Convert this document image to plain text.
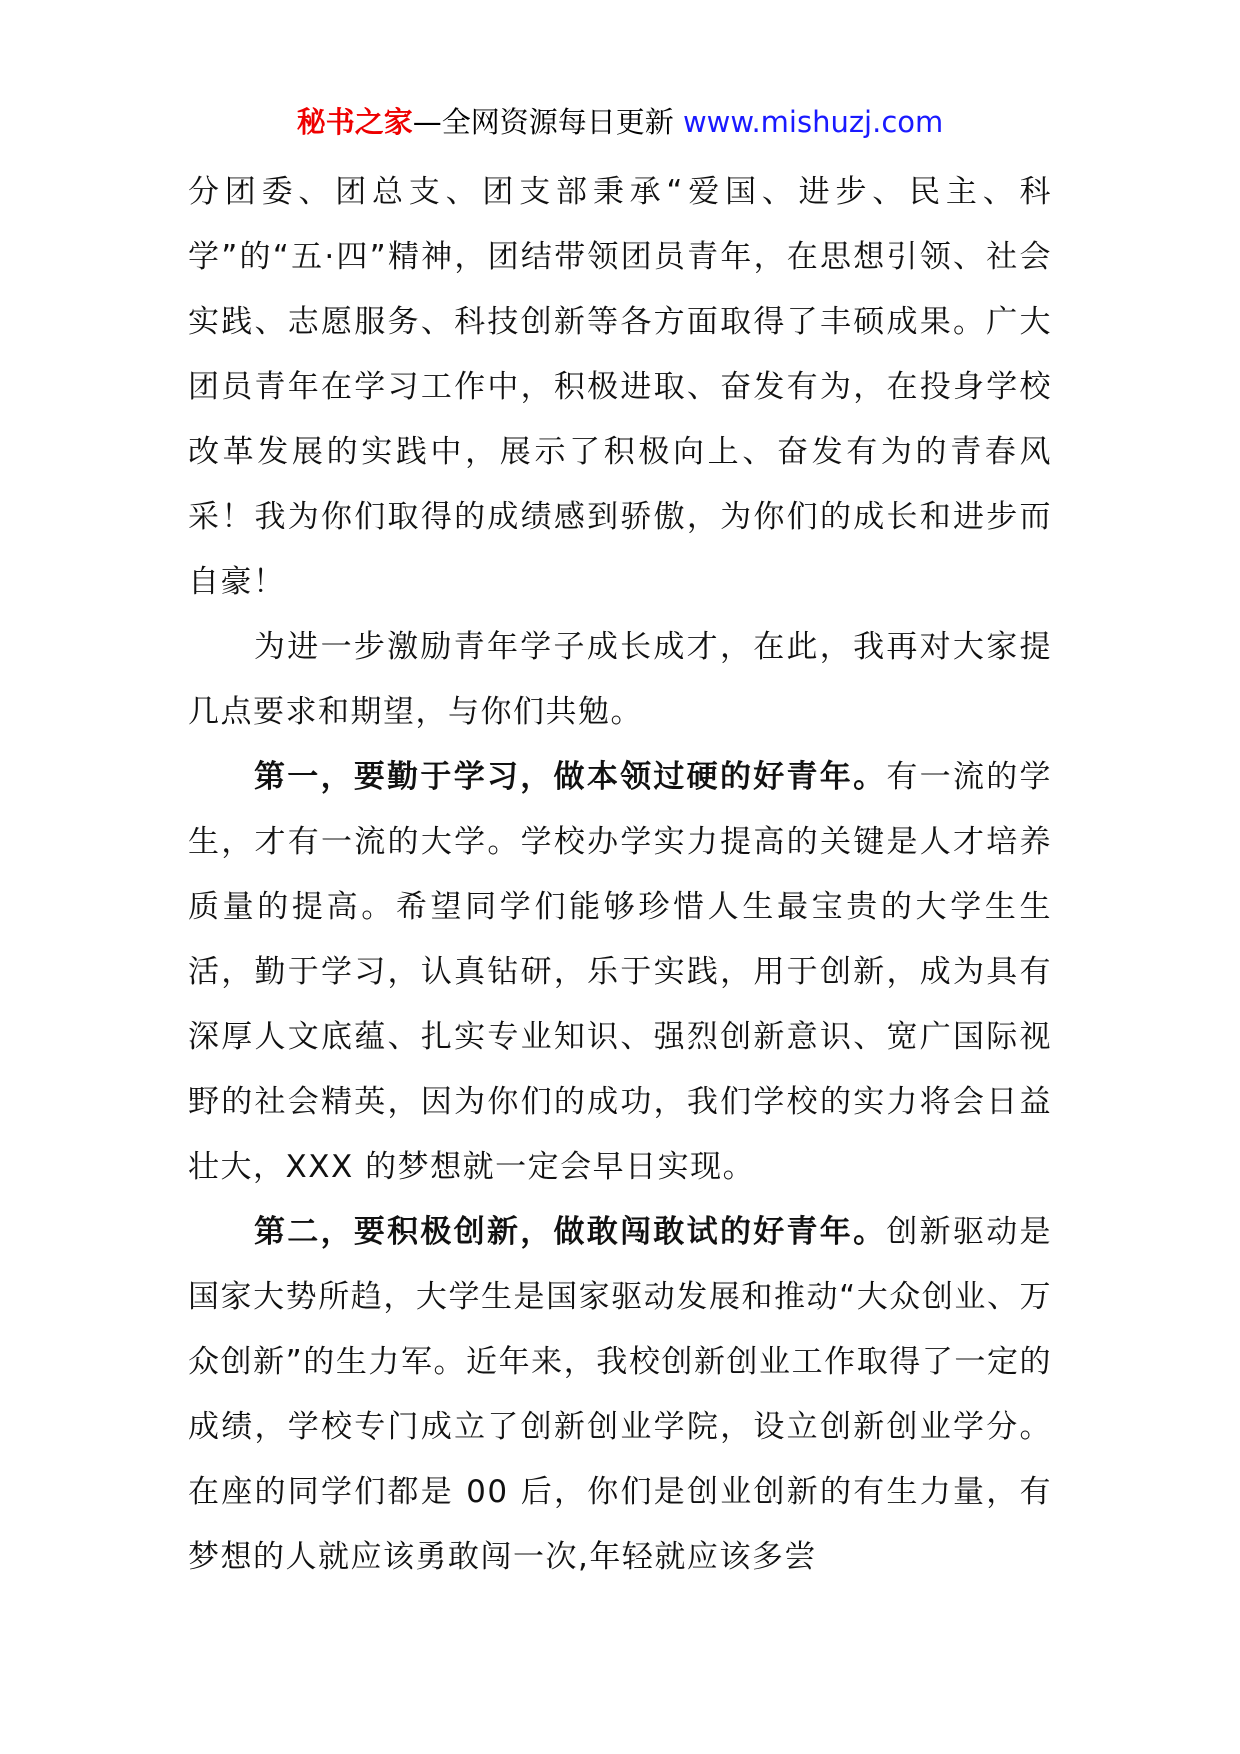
秘书之家—全网资源每日更新 www.mishuzj.com

分团委、团总支、团支部秉承“爱国、进步、民主、科学”的“五·四”精神，团结带领团员青年，在思想引领、社会实践、志愿服务、科技创新等各方面取得了丰硕成果。广大团员青年在学习工作中，积极进取、奋发有为，在投身学校改革发展的实践中，展示了积极向上、奋发有为的青春风采！我为你们取得的成绩感到骄傲，为你们的成长和进步而自豪！

为进一步激励青年学子成长成才，在此，我再对大家提几点要求和期望，与你们共勉。

第一，要勤于学习，做本领过硬的好青年。有一流的学生，才有一流的大学。学校办学实力提高的关键是人才培养质量的提高。希望同学们能够珍惜人生最宝贵的大学生生活，勤于学习，认真钻研，乐于实践，用于创新，成为具有深厚人文底蕴、扎实专业知识、强烈创新意识、宽广国际视野的社会精英，因为你们的成功，我们学校的实力将会日益壮大，XXX 的梦想就一定会早日实现。

第二，要积极创新，做敢闯敢试的好青年。创新驱动是国家大势所趋，大学生是国家驱动发展和推动“大众创业、万众创新”的生力军。近年来，我校创新创业工作取得了一定的成绩，学校专门成立了创新创业学院，设立创新创业学分。在座的同学们都是 00 后，你们是创业创新的有生力量，有梦想的人就应该勇敢闯一次,年轻就应该多尝
